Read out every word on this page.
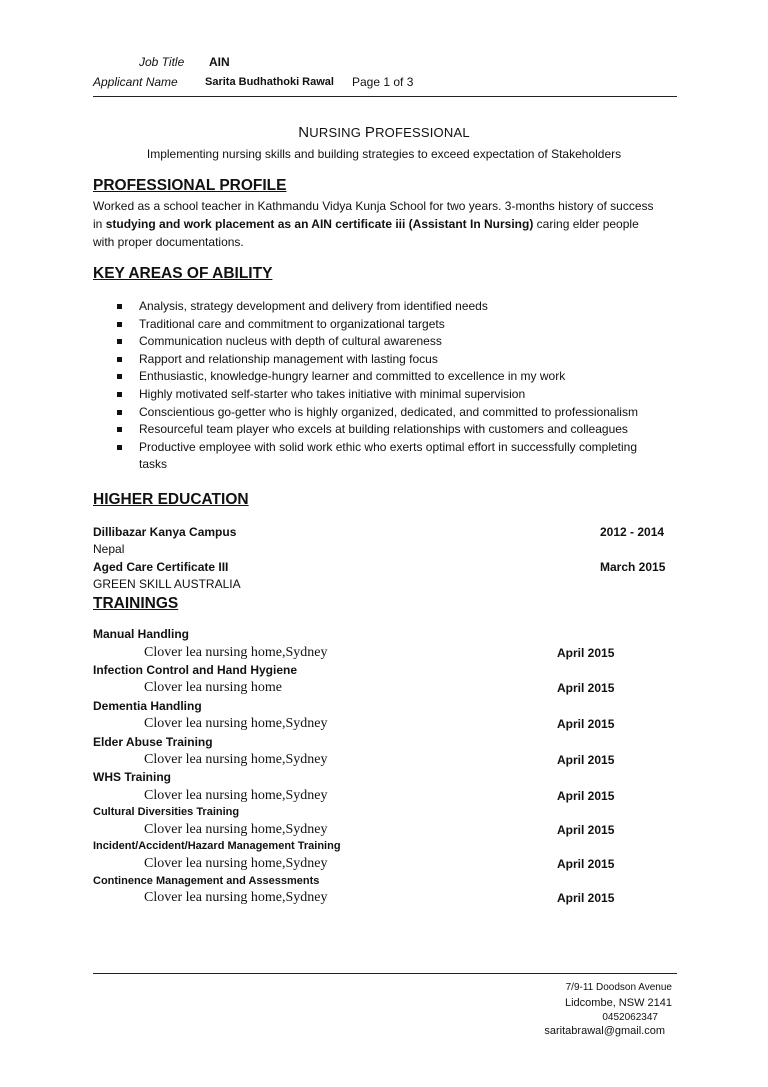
Job Title AIN
Applicant Name Sarita Budhathoki Rawal Page 1 of 3
NURSING PROFESSIONAL
Implementing nursing skills and building strategies to exceed expectation of Stakeholders
PROFESSIONAL PROFILE
Worked as a school teacher in Kathmandu Vidya Kunja School for two years. 3-months history of success
in studying and work placement as an AIN certificate iii (Assistant In Nursing) caring elder people
with proper documentations.
KEY AREAS OF ABILITY
Analysis, strategy development and delivery from identified needs
Traditional care and commitment to organizational targets
Communication nucleus with depth of cultural awareness
Rapport and relationship management with lasting focus
Enthusiastic, knowledge-hungry learner and committed to excellence in my work
Highly motivated self-starter who takes initiative with minimal supervision
Conscientious go-getter who is highly organized, dedicated, and committed to professionalism
Resourceful team player who excels at building relationships with customers and colleagues
Productive employee with solid work ethic who exerts optimal effort in successfully completing
tasks
HIGHER EDUCATION
Dillibazar Kanya Campus	2012 - 2014
Nepal
Aged Care Certificate III	March 2015
GREEN SKILL AUSTRALIA
TRAININGS
Manual Handling
Clover lea nursing home,Sydney	April 2015
Infection Control and Hand Hygiene
Clover lea nursing home	April 2015
Dementia Handling
Clover lea nursing home,Sydney	April 2015
Elder Abuse Training
Clover lea nursing home,Sydney	April 2015
WHS Training
Clover lea nursing home,Sydney	April 2015
Cultural Diversities Training
Clover lea nursing home,Sydney	April 2015
Incident/Accident/Hazard Management Training
Clover lea nursing home,Sydney	April 2015
Continence Management and Assessments
Clover lea nursing home,Sydney	April 2015
7/9-11 Doodson Avenue
Lidcombe, NSW 2141
0452062347
saritabrawal@gmail.com
